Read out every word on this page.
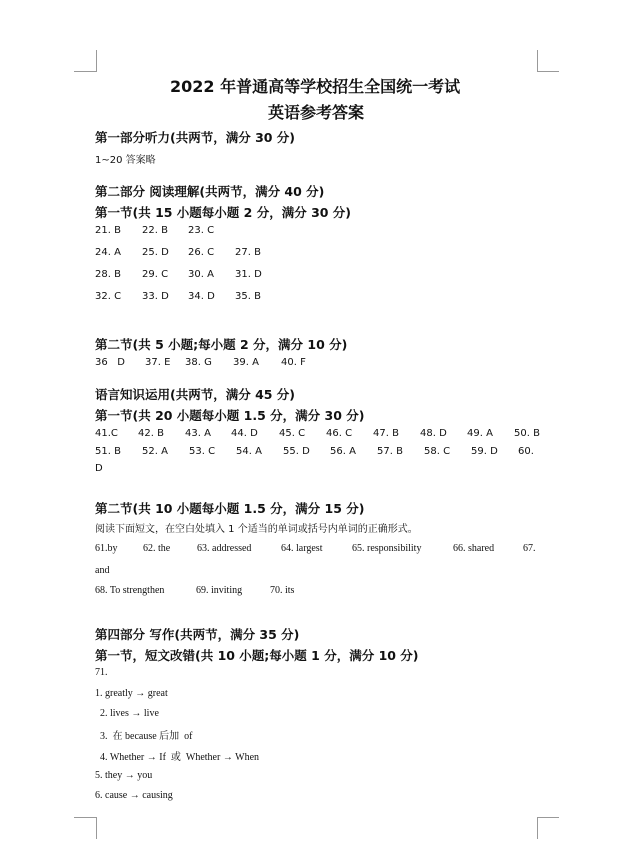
2022 年普通高等学校招生全国统一考试
英语参考答案
第一部分听力(共两节，满分 30 分)
1~20 答案略
第二部分 阅读理解(共两节，满分 40 分)
第一节(共 15 小题每小题 2 分，满分 30 分)
21. B 22. B 23. C
24. A 25. D 26. C 27. B
28. B 29. C 30. A 31. D
32. C 33. D 34. D 35. B
第二节(共 5 小题;每小题 2 分，满分 10 分)
36   D 37. E 38. G 39. A 40. F
语言知识运用(共两节，满分 45 分)
第一节(共 20 小题每小题 1.5 分，满分 30 分)
41.C 42. B 43. A 44. D 45. C 46. C 47. B 48. D 49. A 50. B
51. B 52. A 53. C 54. A 55. D 56. A 57. B 58. C 59. D 60.
D
第二节(共 10 小题每小题 1.5 分，满分 15 分)
阅读下面短文，在空白处填入 1 个适当的单词或括号内单词的正确形式。
61.by	62. the	63. addressed	64. largest	65. responsibility	66. shared	67.
and
68. To strengthen	69. inviting	70. its
第四部分 写作(共两节，满分 35 分)
第一节，短文改错(共 10 小题;每小题 1 分，满分 10 分)
71.
1. greatly → great
2. lives → live
3.  在 because 后加  of
4. Whether → If  或  Whether → When
5. they → you
6. cause → causing
